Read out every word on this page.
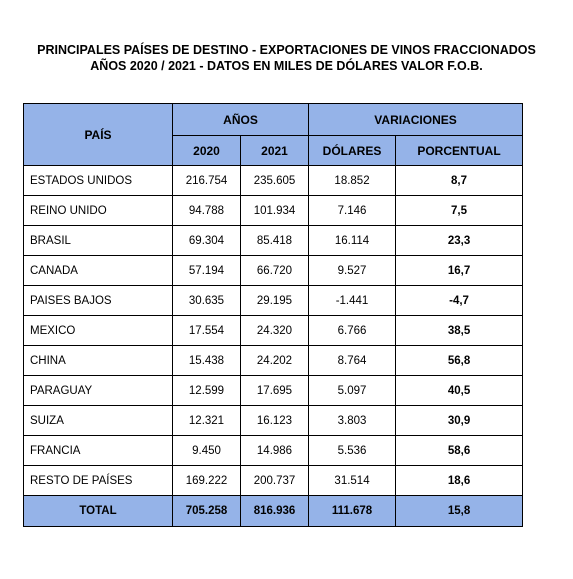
PRINCIPALES PAÍSES DE DESTINO - EXPORTACIONES DE VINOS FRACCIONADOS
AÑOS 2020 / 2021 - DATOS EN MILES DE DÓLARES VALOR F.O.B.
PAÍS	AÑOS		VARIACIONES	
	2020	2021	DÓLARES	PORCENTUAL
ESTADOS UNIDOS	216.754	235.605	18.852	8,7
REINO UNIDO	94.788	101.934	7.146	7,5
BRASIL	69.304	85.418	16.114	23,3
CANADA	57.194	66.720	9.527	16,7
PAISES BAJOS	30.635	29.195	-1.441	-4,7
MEXICO	17.554	24.320	6.766	38,5
CHINA	15.438	24.202	8.764	56,8
PARAGUAY	12.599	17.695	5.097	40,5
SUIZA	12.321	16.123	3.803	30,9
FRANCIA	9.450	14.986	5.536	58,6
RESTO DE PAÍSES	169.222	200.737	31.514	18,6
TOTAL	705.258	816.936	111.678	15,8
